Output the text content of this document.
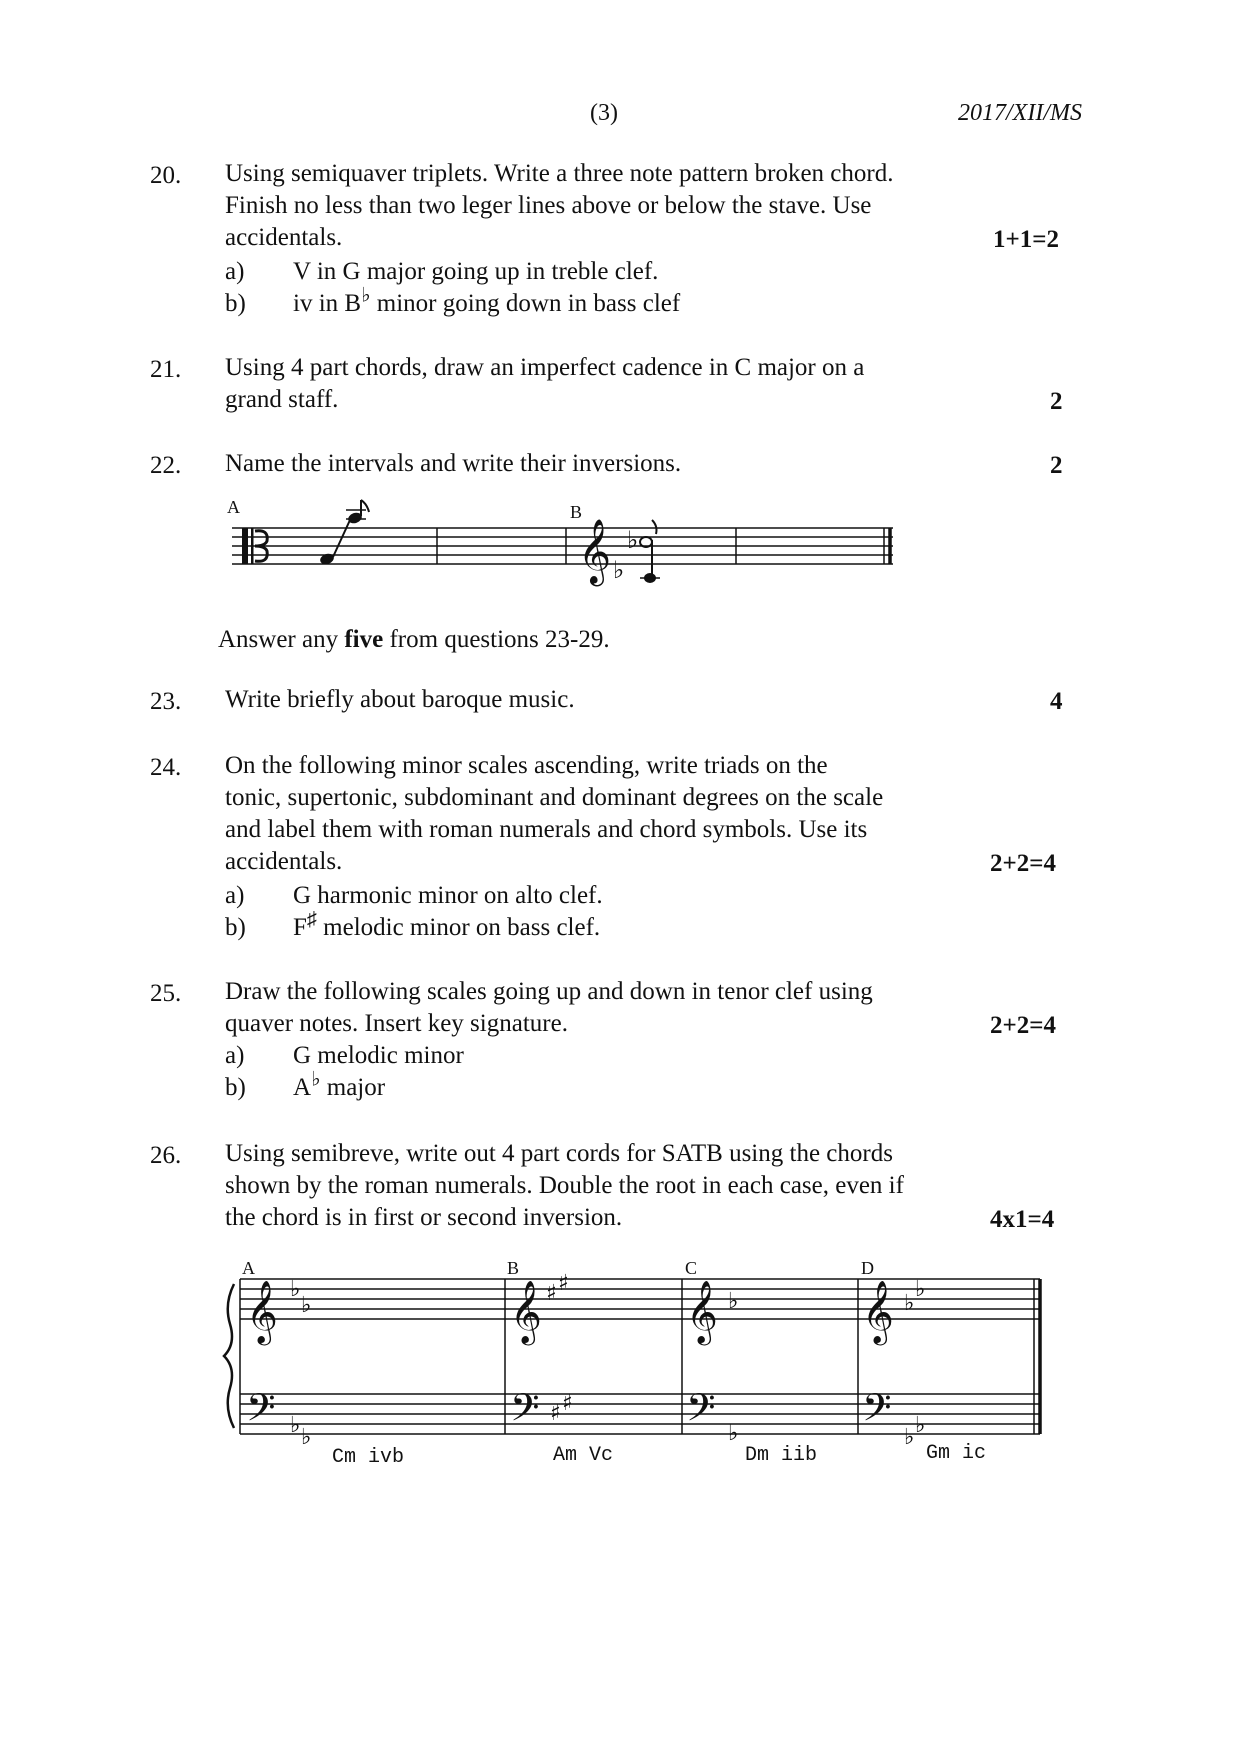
(3)	2017/XII/MS
20. Using semiquaver triplets. Write a three note pattern broken chord.
Finish no less than two leger lines above or below the stave. Use
accidentals.	1+1=2
a) V in G major going up in treble clef.
b) iv in B♭ minor going down in bass clef
21. Using 4 part chords, draw an imperfect cadence in C major on a
grand staff.	2
22. Name the intervals and write their inversions.	2
𝄞 ♭
♭
A	B
Answer any five from questions 23-29.
23. Write briefly about baroque music.	4
24. On the following minor scales ascending, write triads on the
tonic, supertonic, subdominant and dominant degrees on the scale
and label them with roman numerals and chord symbols. Use its
accidentals.	2+2=4
a) G harmonic minor on alto clef.
b) F♯ melodic minor on bass clef.
25. Draw the following scales going up and down in tenor clef using
quaver notes. Insert key signature.	2+2=4
a) G melodic minor
b) A♭ major
26. Using semibreve, write out 4 part cords for SATB using the chords
shown by the roman numerals. Double the root in each case, even if
the chord is in first or second inversion.	4x1=4
𝄞 ♭
♭
𝄢 ♭ ♭
𝄞 ♯ ♯
𝄢 ♯ ♯
𝄞 ♭
𝄢 ♭
𝄞 ♭
♭
𝄢 ♭ ♭
A	B	C	D
Cm ivb	Am Vc	Dm iib	Gm ic
